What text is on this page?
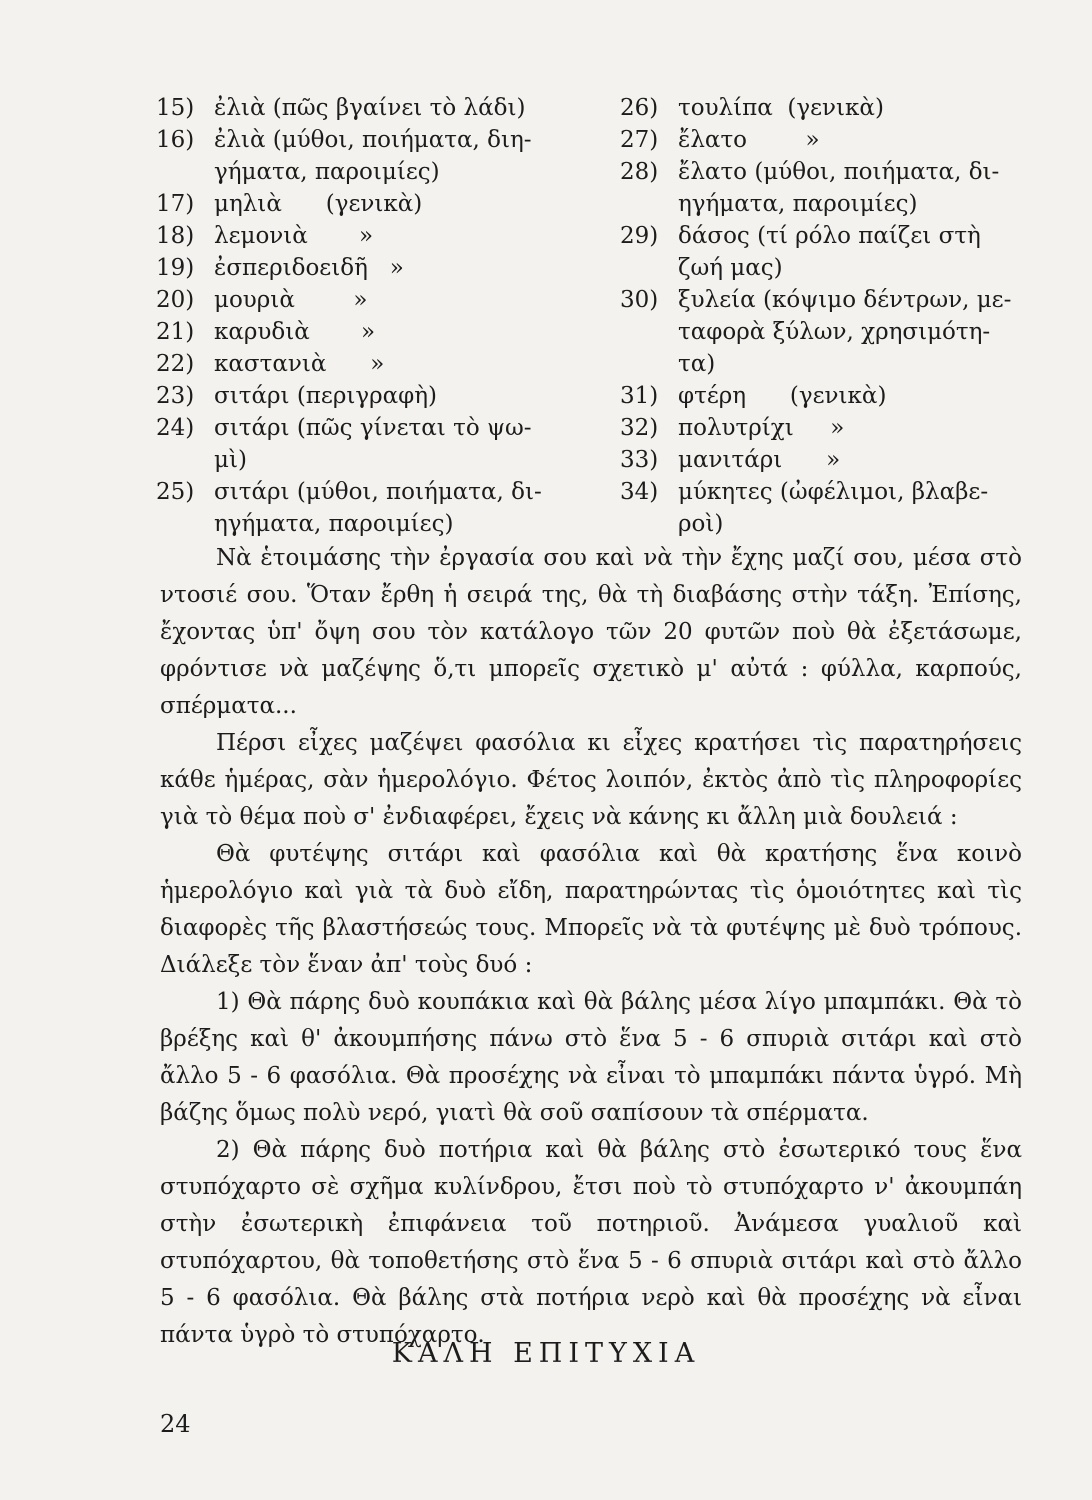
15) ἐλιὰ (πῶς βγαίνει τὸ λάδι)
16) ἐλιὰ (μύθοι, ποιήματα, διη-
γήματα, παροιμίες)
17) μηλιὰ      (γενικὰ)
18) λεμονιὰ       »
19) ἐσπεριδοειδῆ   »
20) μουριὰ        »
21) καρυδιὰ       »
22) καστανιὰ      »
23) σιτάρι (περιγραφὴ)
24) σιτάρι (πῶς γίνεται τὸ ψω-
μὶ)
25) σιτάρι (μύθοι, ποιήματα, δι-
ηγήματα, παροιμίες)
26) τουλίπα  (γενικὰ)
27) ἔλατο        »
28) ἔλατο (μύθοι, ποιήματα, δι-
ηγήματα, παροιμίες)
29) δάσος (τί ρόλο παίζει στὴ
ζωή μας)
30) ξυλεία (κόψιμο δέντρων, με-
ταφορὰ ξύλων, χρησιμότη-
τα)
31) φτέρη      (γενικὰ)
32) πολυτρίχι     »
33) μανιτάρι      »
34) μύκητες (ὠφέλιμοι, βλαβε-
ροὶ)

Νὰ ἑτοιμάσης τὴν ἐργασία σου καὶ νὰ τὴν ἔχης μαζί σου, μέσα στὸ ντοσιέ σου. Ὅταν ἔρθη ἡ σειρά της, θὰ τὴ διαβάσης στὴν τάξη. Ἐπίσης, ἔχοντας ὑπ' ὄψη σου τὸν κατάλογο τῶν 20 φυτῶν ποὺ θὰ ἐξετάσωμε, φρόντισε νὰ μαζέψης ὅ,τι μπορεῖς σχετικὸ μ' αὐτά : φύλλα, καρπούς, σπέρματα...

Πέρσι εἶχες μαζέψει φασόλια κι εἶχες κρατήσει τὶς παρατηρήσεις κάθε ἡμέρας, σὰν ἡμερολόγιο. Φέτος λοιπόν, ἐκτὸς ἀπὸ τὶς πληροφορίες γιὰ τὸ θέμα ποὺ σ' ἐνδιαφέρει, ἔχεις νὰ κάνης κι ἄλλη μιὰ δουλειά :

Θὰ φυτέψης σιτάρι καὶ φασόλια καὶ θὰ κρατήσης ἕνα κοινὸ ἡμερολόγιο καὶ γιὰ τὰ δυὸ εἴδη, παρατηρώντας τὶς ὁμοιότητες καὶ τὶς διαφορὲς τῆς βλαστήσεώς τους. Μπορεῖς νὰ τὰ φυτέψης μὲ δυὸ τρόπους. Διάλεξε τὸν ἕναν ἀπ' τοὺς δυό :

1) Θὰ πάρης δυὸ κουπάκια καὶ θὰ βάλης μέσα λίγο μπαμπάκι. Θὰ τὸ βρέξης καὶ θ' ἀκουμπήσης πάνω στὸ ἕνα 5 - 6 σπυριὰ σιτάρι καὶ στὸ ἄλλο 5 - 6 φασόλια. Θὰ προσέχης νὰ εἶναι τὸ μπαμπάκι πάντα ὑγρό. Μὴ βάζης ὅμως πολὺ νερό, γιατὶ θὰ σοῦ σαπίσουν τὰ σπέρματα.

2) Θὰ πάρης δυὸ ποτήρια καὶ θὰ βάλης στὸ ἐσωτερικό τους ἕνα στυπόχαρτο σὲ σχῆμα κυλίνδρου, ἔτσι ποὺ τὸ στυπόχαρτο ν' ἀκουμπάη στὴν ἐσωτερικὴ ἐπιφάνεια τοῦ ποτηριοῦ. Ἀνάμεσα γυαλιοῦ καὶ στυπόχαρτου, θὰ τοποθετήσης στὸ ἕνα 5 - 6 σπυριὰ σιτάρι καὶ στὸ ἄλλο 5 - 6 φασόλια. Θὰ βάλης στὰ ποτήρια νερὸ καὶ θὰ προσέχης νὰ εἶναι πάντα ὑγρὸ τὸ στυπόχαρτο.

ΚΑΛΗ ΕΠΙΤΥΧΙΑ
24
